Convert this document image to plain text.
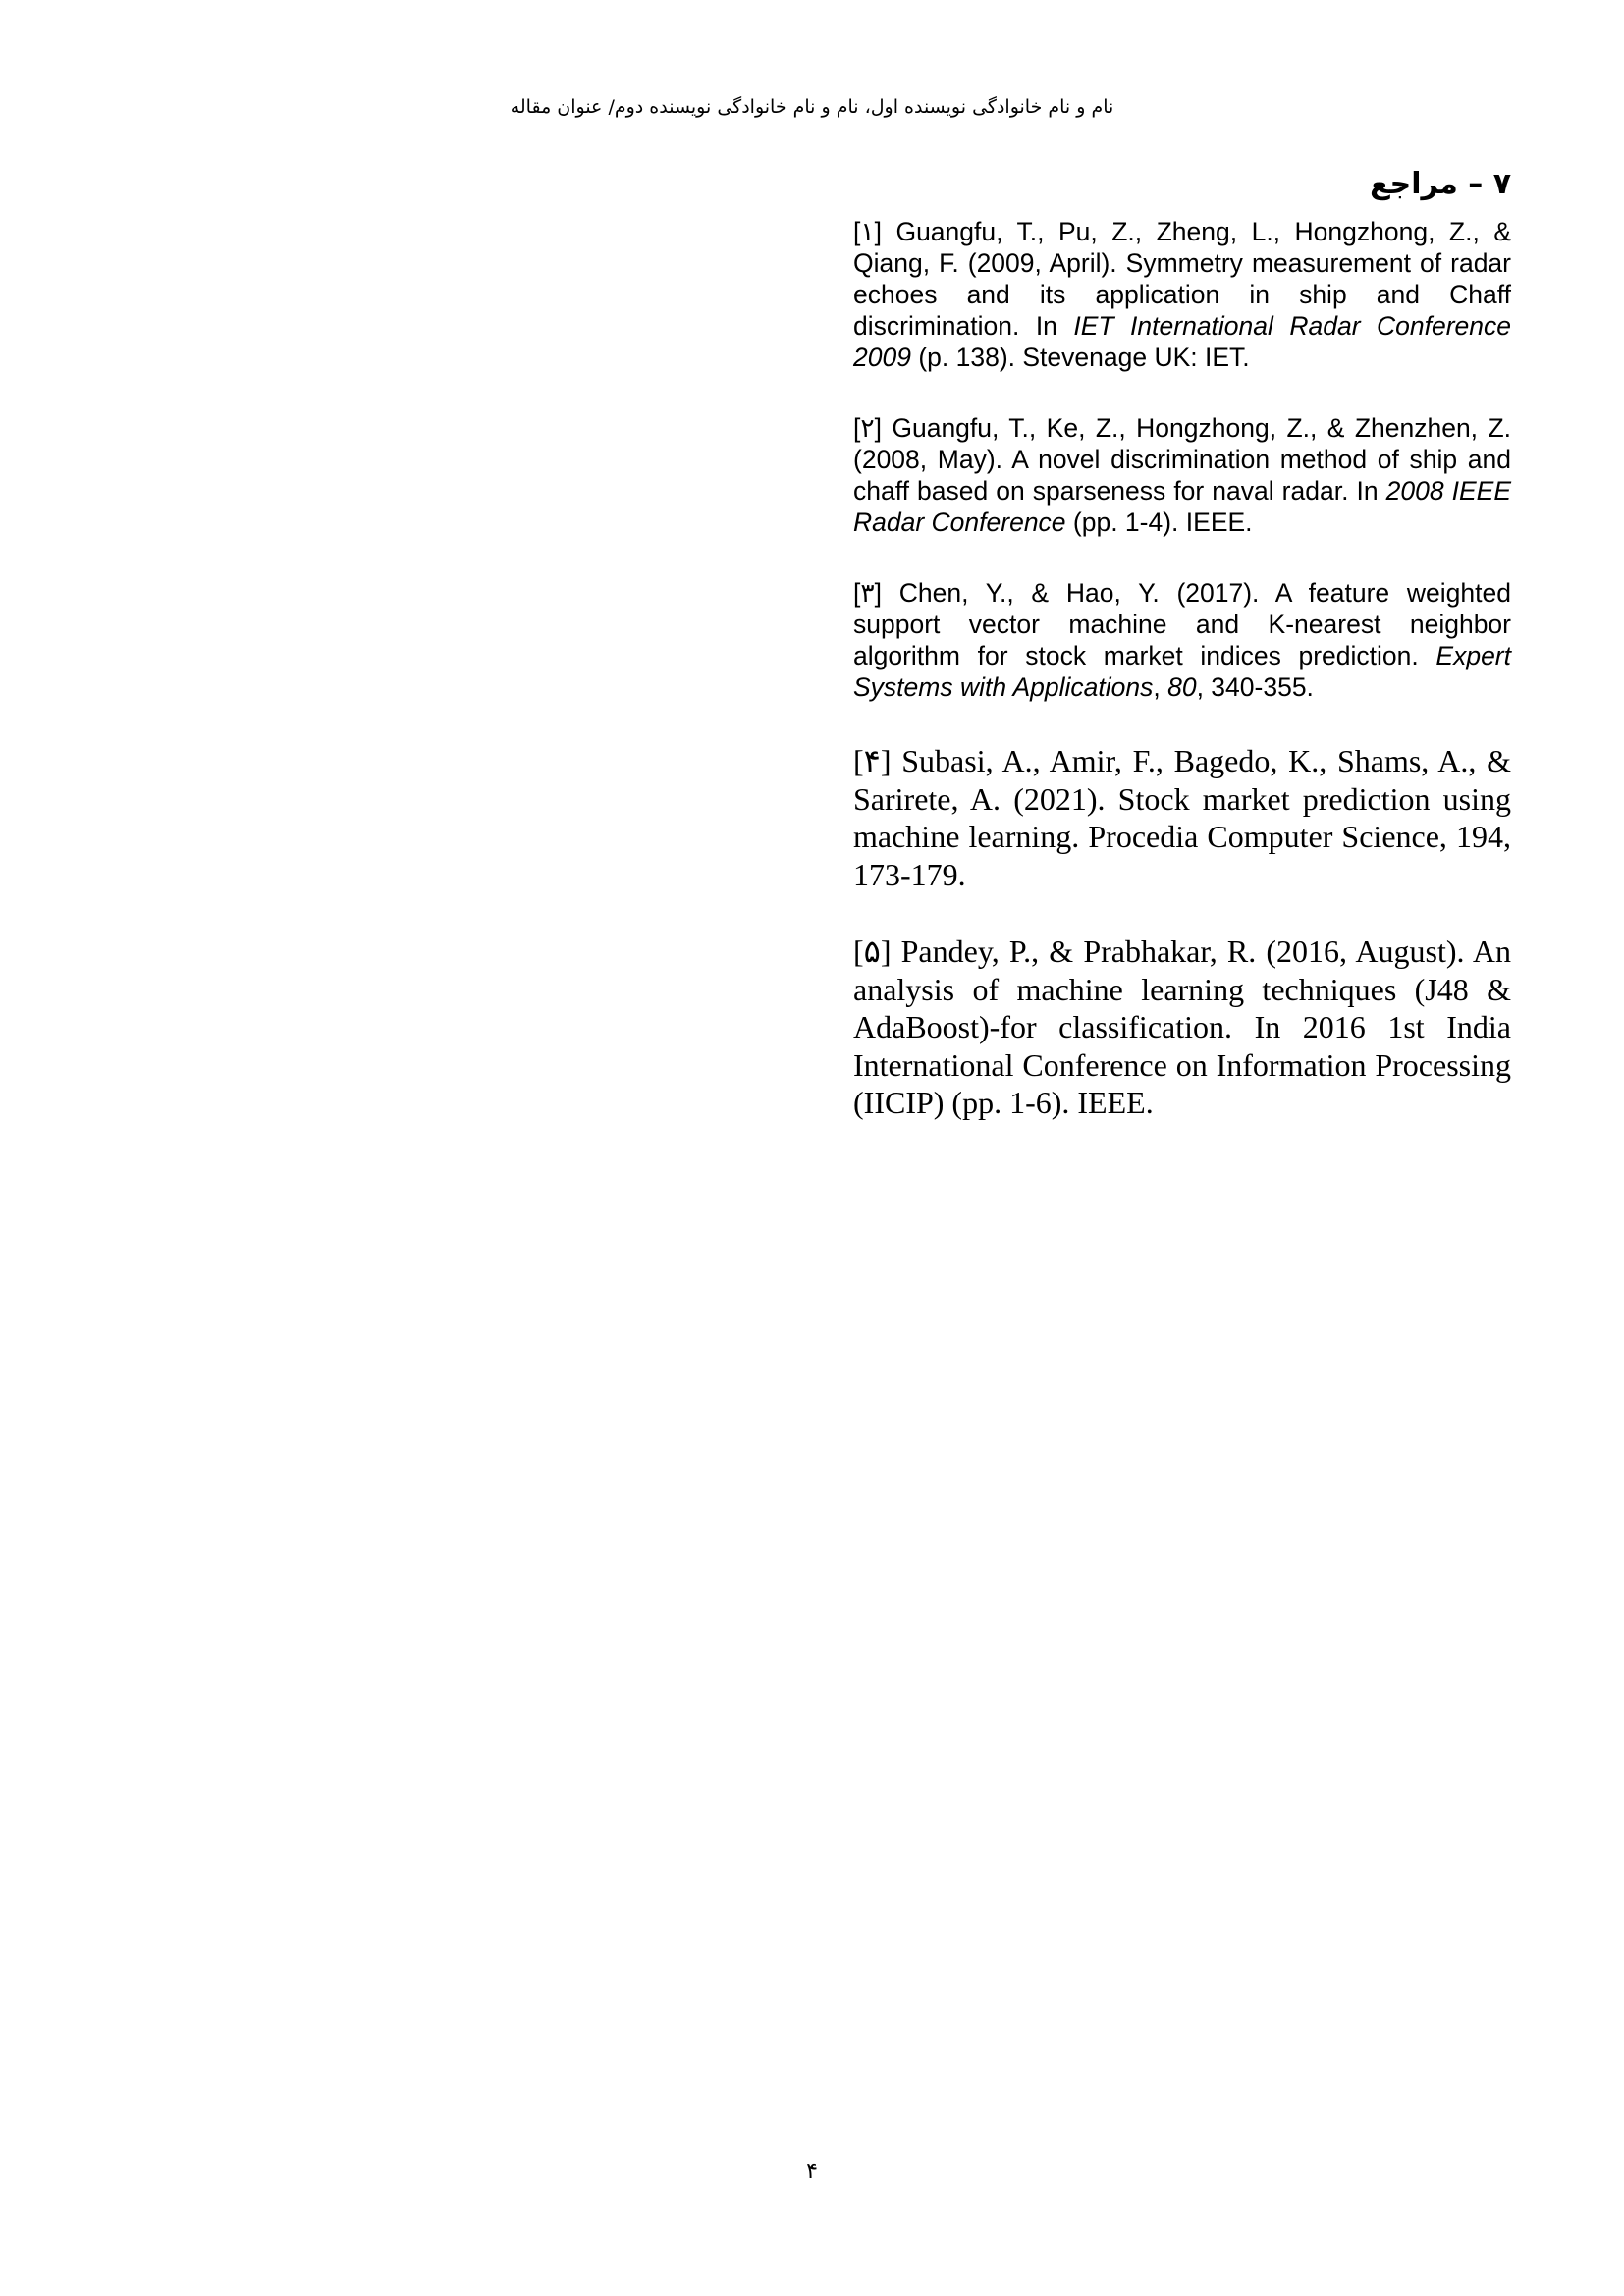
نام و نام خانوادگی نویسنده اول، نام و نام خانوادگی نویسنده دوم/ عنوان مقاله
۷ – مراجع

[۱] Guangfu, T., Pu, Z., Zheng, L., Hongzhong, Z., & Qiang, F. (2009, April). Symmetry measurement of radar echoes and its application in ship and Chaff discrimination. In IET International Radar Conference 2009 (p. 138). Stevenage UK: IET.

[۲] Guangfu, T., Ke, Z., Hongzhong, Z., & Zhenzhen, Z. (2008, May). A novel discrimination method of ship and chaff based on sparseness for naval radar. In 2008 IEEE Radar Conference (pp. 1-4). IEEE.

[۳] Chen, Y., & Hao, Y. (2017). A feature weighted support vector machine and K-nearest neighbor algorithm for stock market indices prediction. Expert Systems with Applications, 80, 340-355.

[۴] Subasi, A., Amir, F., Bagedo, K., Shams, A., & Sarirete, A. (2021). Stock market prediction using machine learning. Procedia Computer Science, 194, 173-179.

[۵] Pandey, P., & Prabhakar, R. (2016, August). An analysis of machine learning techniques (J48 & AdaBoost)-for classification. In 2016 1st India International Conference on Information Processing (IICIP) (pp. 1-6). IEEE.

۴
